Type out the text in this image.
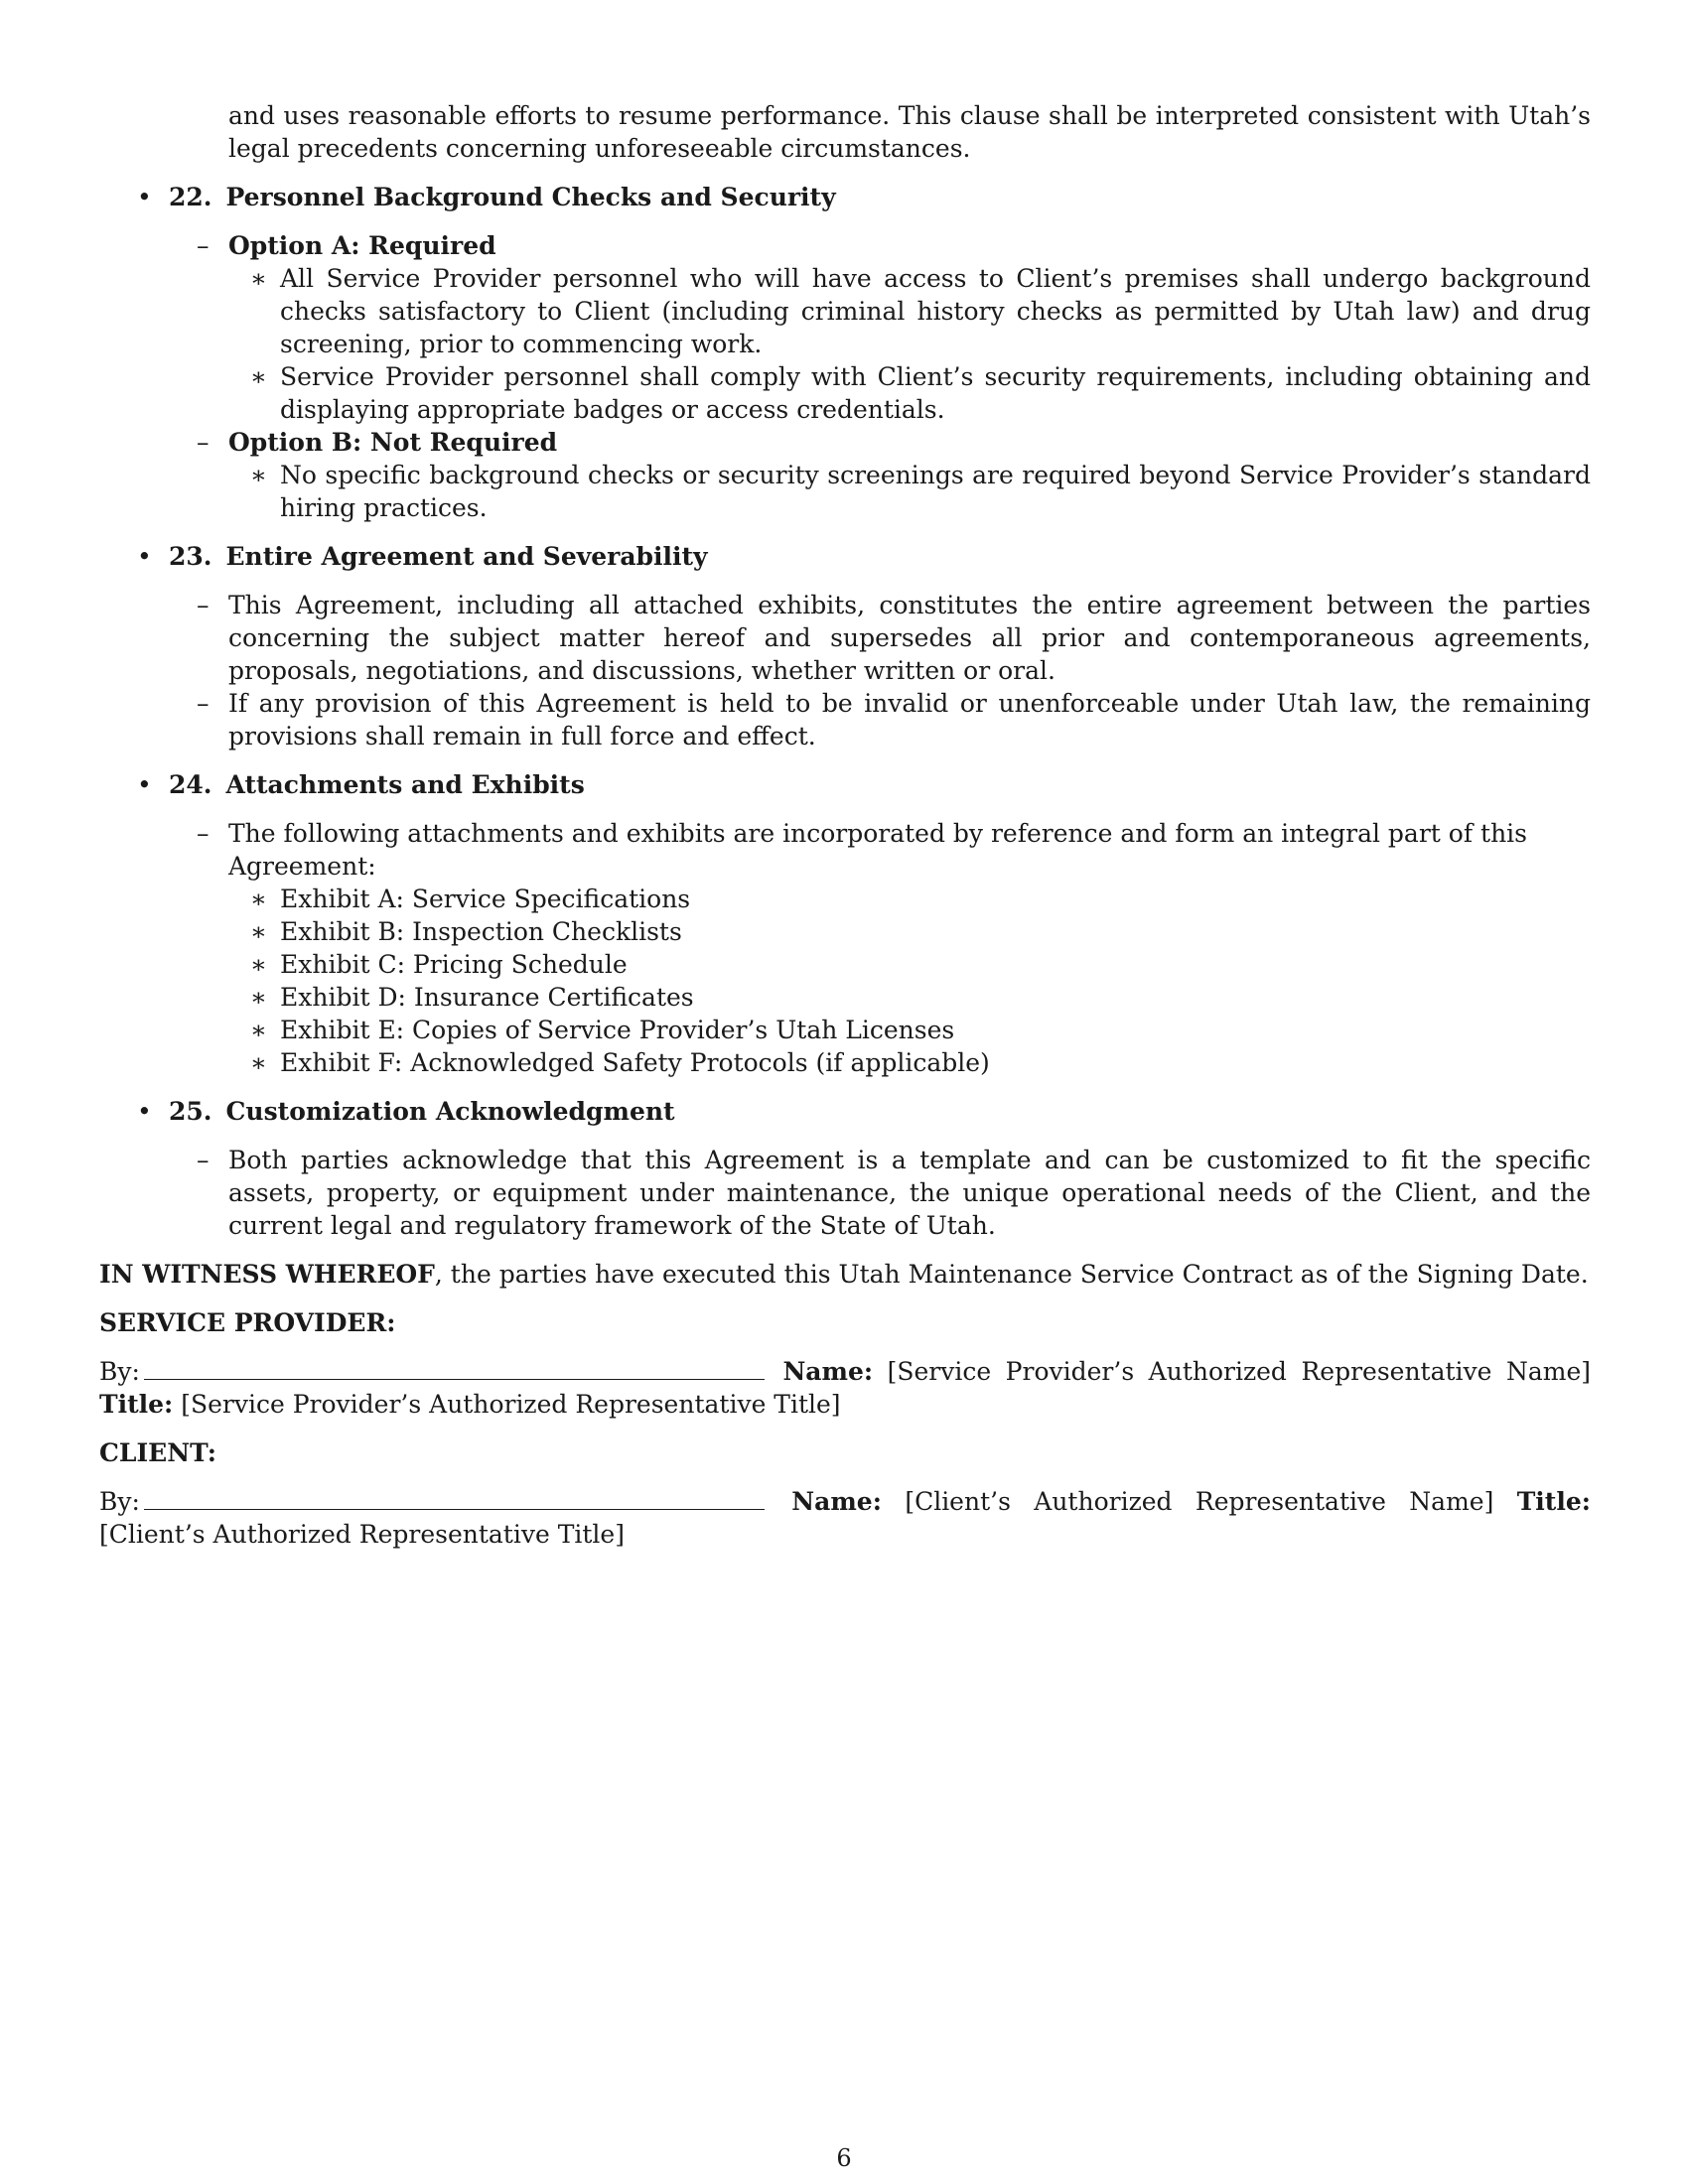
and uses reasonable efforts to resume performance. This clause shall be interpreted consistent with Utah’s legal precedents concerning unforeseeable circumstances.

• 22. Personnel Background Checks and Security
– Option A: Required
∗ All Service Provider personnel who will have access to Client’s premises shall undergo background checks satisfactory to Client (including criminal history checks as permitted by Utah law) and drug screening, prior to commencing work.
∗ Service Provider personnel shall comply with Client’s security requirements, including obtaining and displaying appropriate badges or access credentials.
– Option B: Not Required
∗ No specific background checks or security screenings are required beyond Service Provider’s standard hiring practices.
• 23. Entire Agreement and Severability
– This Agreement, including all attached exhibits, constitutes the entire agreement between the parties concerning the subject matter hereof and supersedes all prior and contemporaneous agreements, proposals, negotiations, and discussions, whether written or oral.
– If any provision of this Agreement is held to be invalid or unenforceable under Utah law, the remaining provisions shall remain in full force and effect.
• 24. Attachments and Exhibits
– The following attachments and exhibits are incorporated by reference and form an integral part of this Agreement:
∗ Exhibit A: Service Specifications
∗ Exhibit B: Inspection Checklists
∗ Exhibit C: Pricing Schedule
∗ Exhibit D: Insurance Certificates
∗ Exhibit E: Copies of Service Provider’s Utah Licenses
∗ Exhibit F: Acknowledged Safety Protocols (if applicable)
• 25. Customization Acknowledgment
– Both parties acknowledge that this Agreement is a template and can be customized to fit the specific assets, property, or equipment under maintenance, the unique operational needs of the Client, and the current legal and regulatory framework of the State of Utah.

IN WITNESS WHEREOF, the parties have executed this Utah Maintenance Service Contract as of the Signing Date.

SERVICE PROVIDER:

By:	Name: [Service Provider’s Authorized Representative Name] Title: [Service Provider’s Authorized Representative Title]

CLIENT:

By:	Name: [Client’s Authorized Representative Name] Title: [Client’s Authorized Representative Title]

6
